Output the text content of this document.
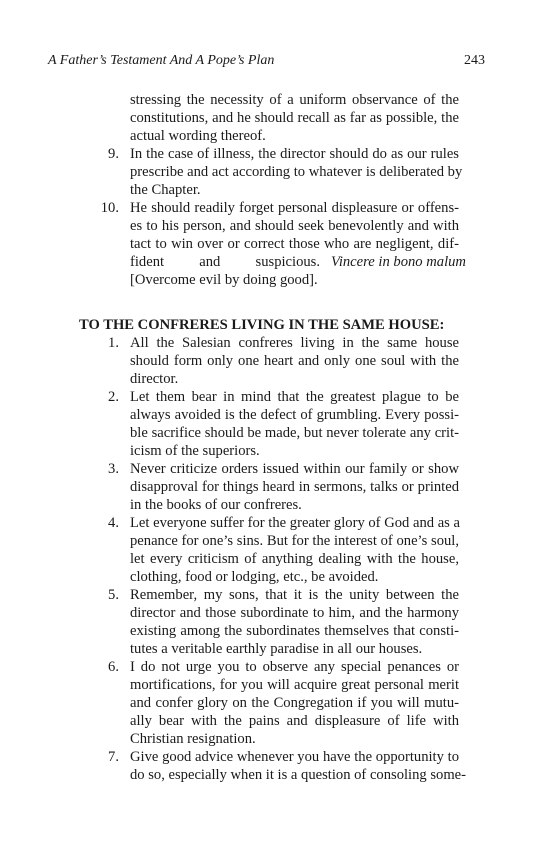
A Father’s Testament And A Pope’s Plan	243
stressing the necessity of a uniform observance of the
constitutions, and he should recall as far as possible, the
actual wording thereof.
9. In the case of illness, the director should do as our rules
prescribe and act according to whatever is deliberated by
the Chapter.
10. He should readily forget personal displeasure or offens-
es to his person, and should seek benevolently and with
tact to win over or correct those who are negligent, dif-
fident and suspicious. Vincere in bono malum
[Overcome evil by doing good].
TO THE CONFRERES LIVING IN THE SAME HOUSE:
1. All the Salesian confreres living in the same house
should form only one heart and only one soul with the
director.
2. Let them bear in mind that the greatest plague to be
always avoided is the defect of grumbling. Every possi-
ble sacrifice should be made, but never tolerate any crit-
icism of the superiors.
3. Never criticize orders issued within our family or show
disapproval for things heard in sermons, talks or printed
in the books of our confreres.
4. Let everyone suffer for the greater glory of God and as a
penance for one’s sins. But for the interest of one’s soul,
let every criticism of anything dealing with the house,
clothing, food or lodging, etc., be avoided.
5. Remember, my sons, that it is the unity between the
director and those subordinate to him, and the harmony
existing among the subordinates themselves that consti-
tutes a veritable earthly paradise in all our houses.
6. I do not urge you to observe any special penances or
mortifications, for you will acquire great personal merit
and confer glory on the Congregation if you will mutu-
ally bear with the pains and displeasure of life with
Christian resignation.
7. Give good advice whenever you have the opportunity to
do so, especially when it is a question of consoling some-
